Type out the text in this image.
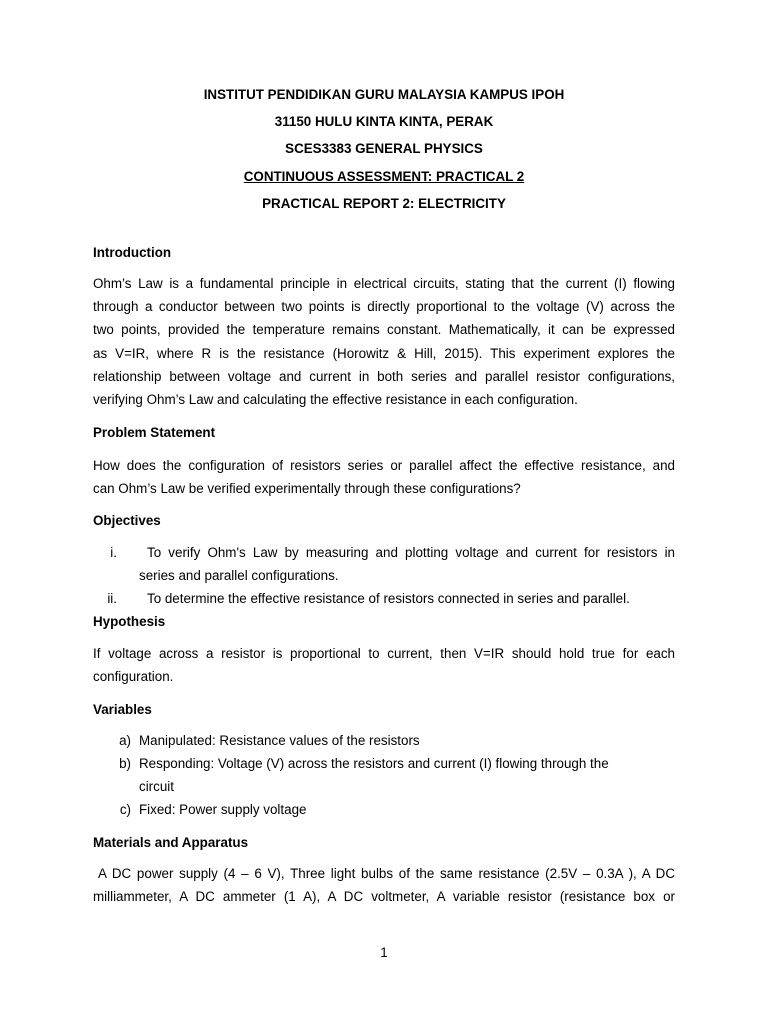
INSTITUT PENDIDIKAN GURU MALAYSIA KAMPUS IPOH
31150 HULU KINTA KINTA, PERAK
SCES3383 GENERAL PHYSICS
CONTINUOUS ASSESSMENT: PRACTICAL 2
PRACTICAL REPORT 2: ELECTRICITY
Introduction
Ohm’s Law is a fundamental principle in electrical circuits, stating that the current (I) flowing
through a conductor between two points is directly proportional to the voltage (V) across the
two points, provided the temperature remains constant. Mathematically, it can be expressed
as V=IR, where R is the resistance (Horowitz & Hill, 2015). This experiment explores the
relationship between voltage and current in both series and parallel resistor configurations,
verifying Ohm’s Law and calculating the effective resistance in each configuration.
Problem Statement
How does the configuration of resistors series or parallel affect the effective resistance, and
can Ohm’s Law be verified experimentally through these configurations?
Objectives
i. To verify Ohm's Law by measuring and plotting voltage and current for resistors in
series and parallel configurations.
ii. To determine the effective resistance of resistors connected in series and parallel.
Hypothesis
If voltage across a resistor is proportional to current, then V=IR should hold true for each
configuration.
Variables
a) Manipulated: Resistance values of the resistors
b) Responding: Voltage (V) across the resistors and current (I) flowing through the
circuit
c) Fixed: Power supply voltage
Materials and Apparatus
A DC power supply (4 – 6 V), Three light bulbs of the same resistance (2.5V – 0.3A ), A DC
milliammeter, A DC ammeter (1 A), A DC voltmeter, A variable resistor (resistance box or
1
